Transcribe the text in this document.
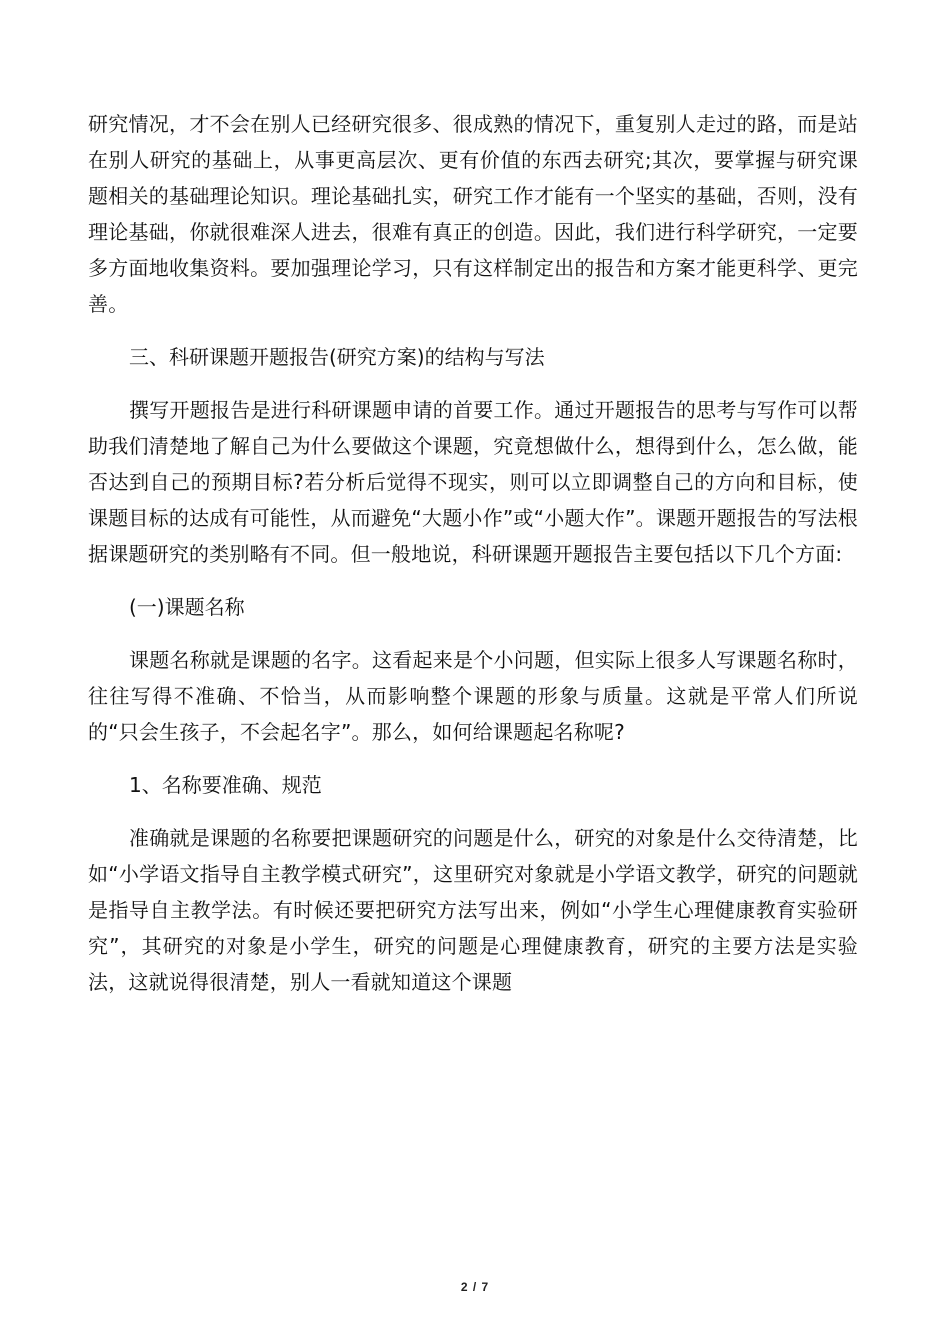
研究情况，才不会在别人已经研究很多、很成熟的情况下，重复别人走过的路，而是站在别人研究的基础上，从事更高层次、更有价值的东西去研究;其次，要掌握与研究课题相关的基础理论知识。理论基础扎实，研究工作才能有一个坚实的基础，否则，没有理论基础，你就很难深人进去，很难有真正的创造。因此，我们进行科学研究，一定要多方面地收集资料。要加强理论学习，只有这样制定出的报告和方案才能更科学、更完善。

三、科研课题开题报告(研究方案)的结构与写法

撰写开题报告是进行科研课题申请的首要工作。通过开题报告的思考与写作可以帮助我们清楚地了解自己为什么要做这个课题，究竟想做什么，想得到什么，怎么做，能否达到自己的预期目标?若分析后觉得不现实，则可以立即调整自己的方向和目标，使课题目标的达成有可能性，从而避免“大题小作”或“小题大作”。课题开题报告的写法根据课题研究的类别略有不同。但一般地说，科研课题开题报告主要包括以下几个方面:

(一)课题名称

课题名称就是课题的名字。这看起来是个小问题，但实际上很多人写课题名称时，往往写得不准确、不恰当，从而影响整个课题的形象与质量。这就是平常人们所说的“只会生孩子，不会起名字”。那么，如何给课题起名称呢?

1、名称要准确、规范

准确就是课题的名称要把课题研究的问题是什么，研究的对象是什么交待清楚，比如“小学语文指导自主教学模式研究”，这里研究对象就是小学语文教学，研究的问题就是指导自主教学法。有时候还要把研究方法写出来，例如“小学生心理健康教育实验研究”，其研究的对象是小学生，研究的问题是心理健康教育，研究的主要方法是实验法，这就说得很清楚，别人一看就知道这个课题

2 / 7
